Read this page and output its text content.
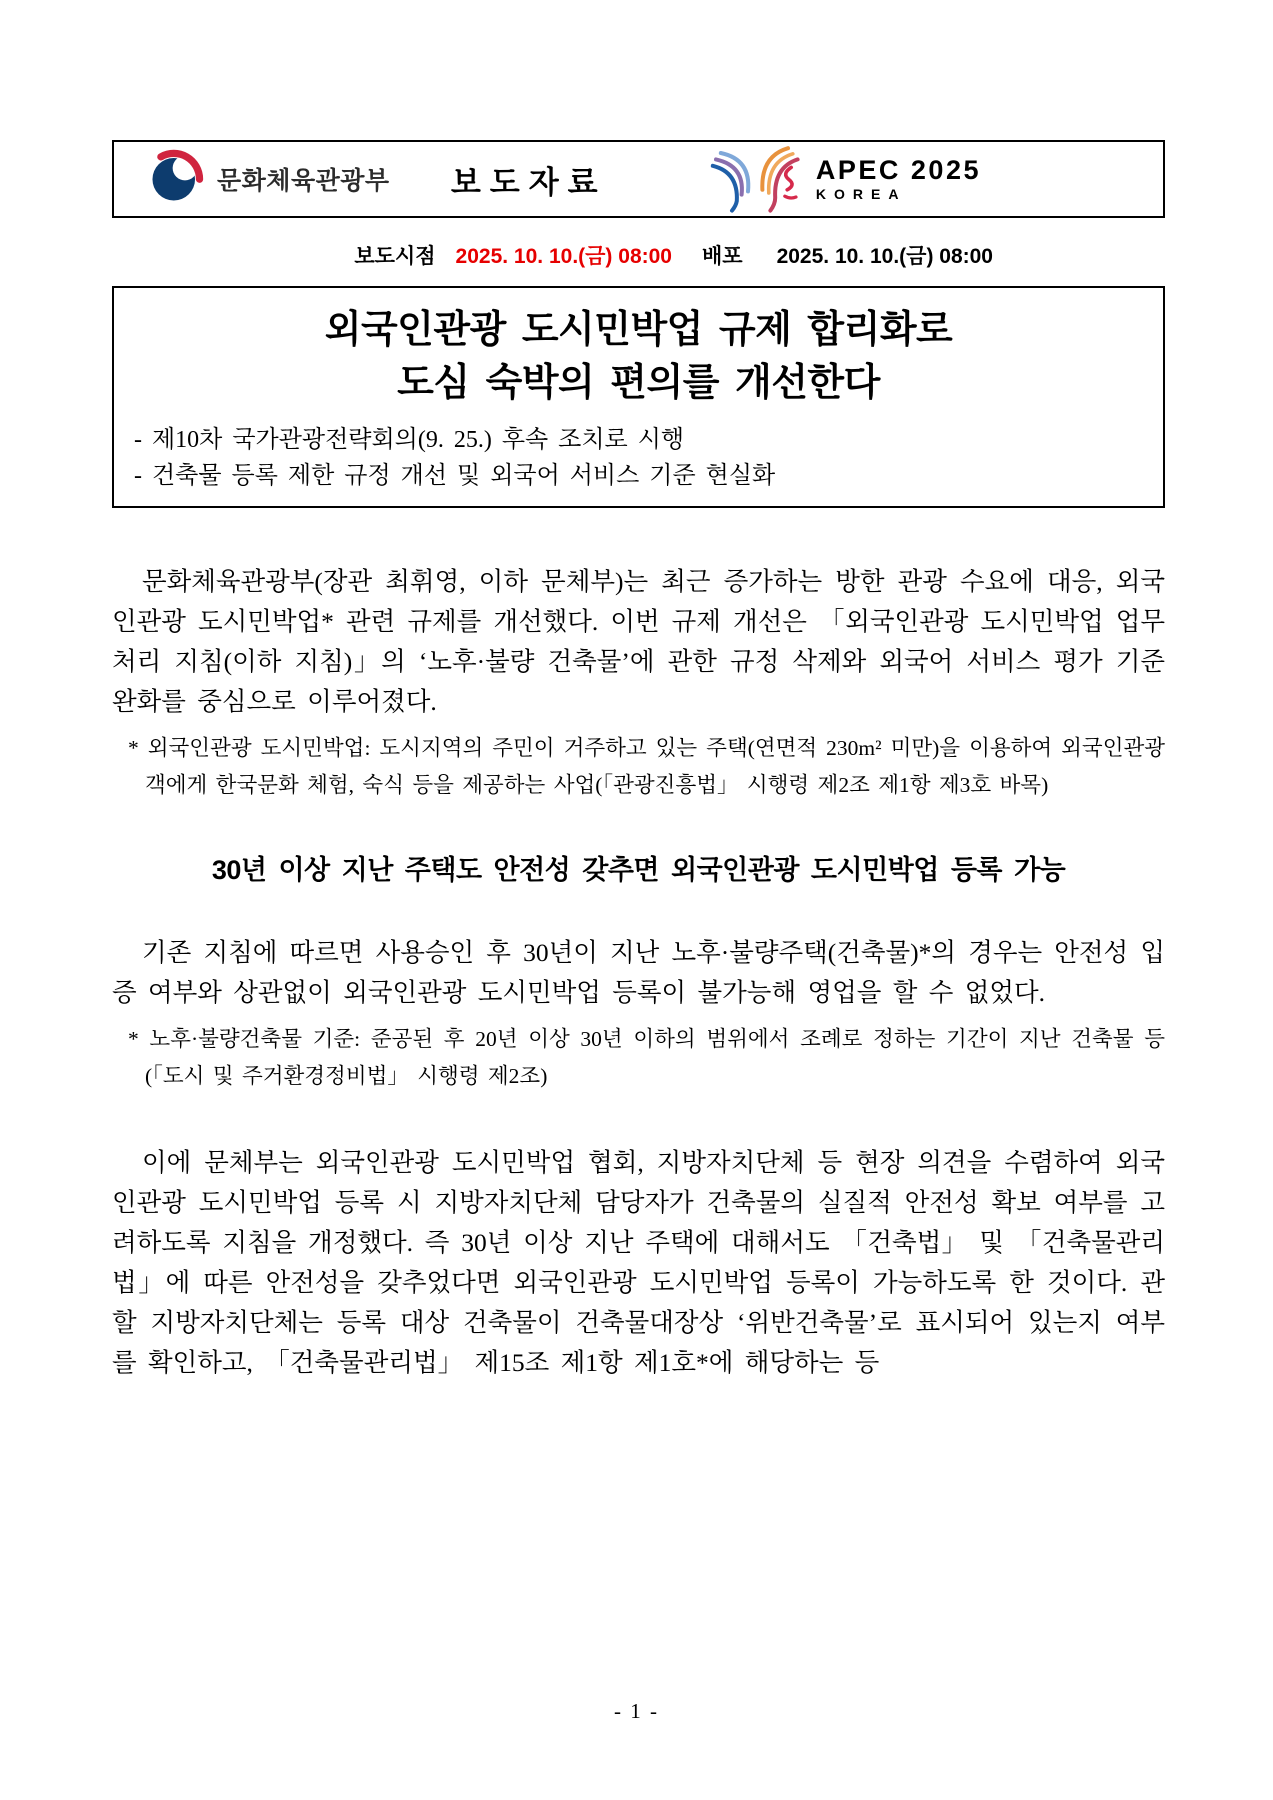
문화체육관광부 보도자료	APEC 2025
KOREA
보도시점 2025. 10. 10.(금) 08:00 배포 2025. 10. 10.(금) 08:00
외국인관광 도시민박업 규제 합리화로
도심 숙박의 편의를 개선한다
- 제10차 국가관광전략회의(9. 25.) 후속 조치로 시행
- 건축물 등록 제한 규정 개선 및 외국어 서비스 기준 현실화
문화체육관광부(장관 최휘영, 이하 문체부)는 최근 증가하는 방한 관광 수요에 대응, 외국인관광 도시민박업* 관련 규제를 개선했다. 이번 규제 개선은 「외국인관광 도시민박업 업무처리 지침(이하 지침)」의 ‘노후·불량 건축물’에 관한 규정 삭제와 외국어 서비스 평가 기준 완화를 중심으로 이루어졌다.
* 외국인관광 도시민박업: 도시지역의 주민이 거주하고 있는 주택(연면적 230m² 미만)을 이용하여 외국인관광객에게 한국문화 체험, 숙식 등을 제공하는 사업(「관광진흥법」 시행령 제2조 제1항 제3호 바목)
30년 이상 지난 주택도 안전성 갖추면 외국인관광 도시민박업 등록 가능
기존 지침에 따르면 사용승인 후 30년이 지난 노후·불량주택(건축물)*의 경우는 안전성 입증 여부와 상관없이 외국인관광 도시민박업 등록이 불가능해 영업을 할 수 없었다.
* 노후·불량건축물 기준: 준공된 후 20년 이상 30년 이하의 범위에서 조례로 정하는 기간이 지난 건축물 등(「도시 및 주거환경정비법」 시행령 제2조)
이에 문체부는 외국인관광 도시민박업 협회, 지방자치단체 등 현장 의견을 수렴하여 외국인관광 도시민박업 등록 시 지방자치단체 담당자가 건축물의 실질적 안전성 확보 여부를 고려하도록 지침을 개정했다. 즉 30년 이상 지난 주택에 대해서도 「건축법」 및 「건축물관리법」에 따른 안전성을 갖추었다면 외국인관광 도시민박업 등록이 가능하도록 한 것이다. 관할 지방자치단체는 등록 대상 건축물이 건축물대장상 ‘위반건축물’로 표시되어 있는지 여부를 확인하고, 「건축물관리법」 제15조 제1항 제1호*에 해당하는 등
- 1 -
